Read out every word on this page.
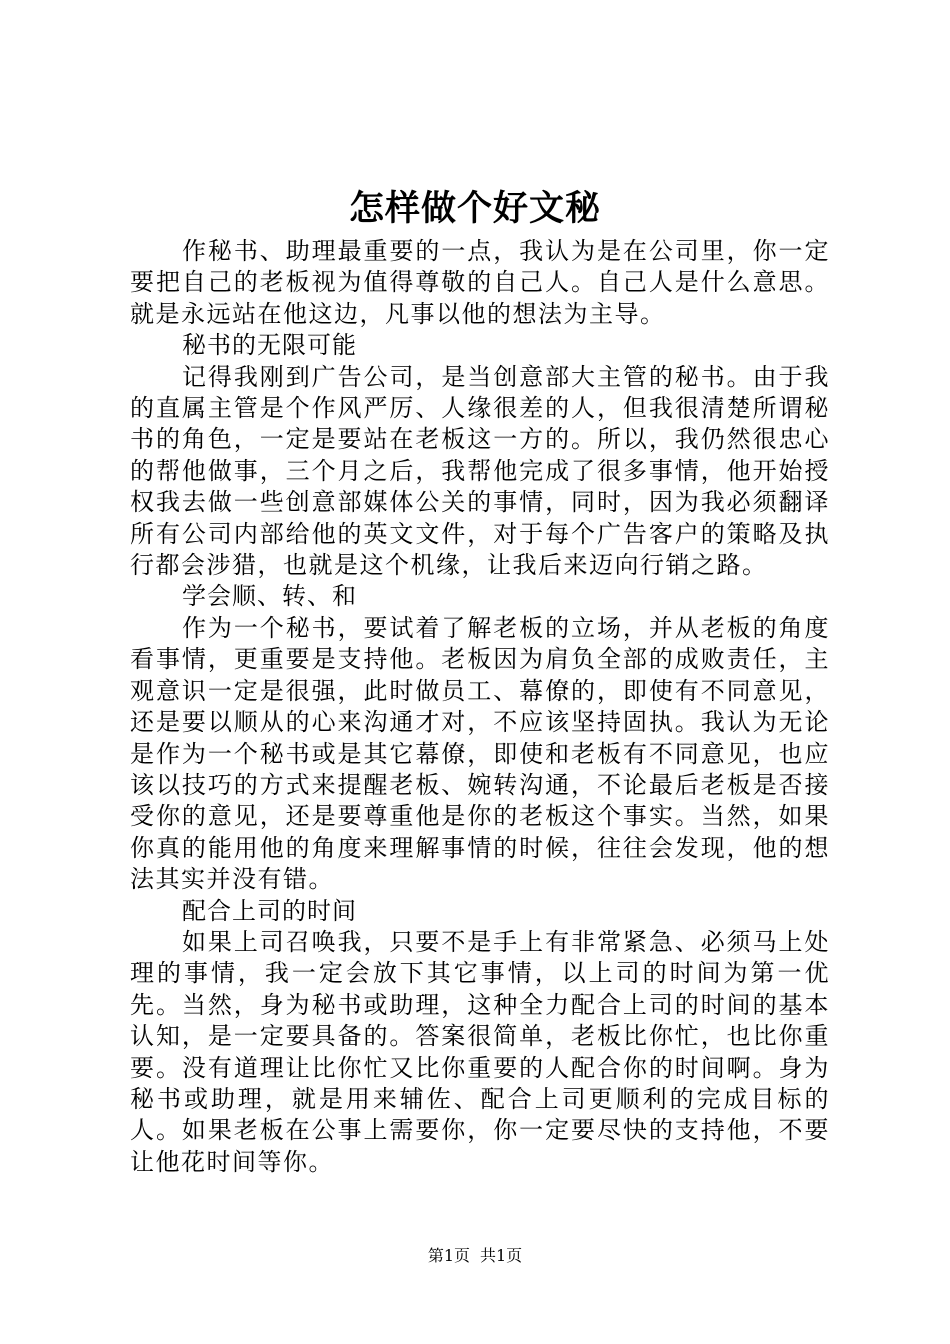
怎样做个好文秘

作秘书、助理最重要的一点，我认为是在公司里，你一定要把自己的老板视为值得尊敬的自己人。自己人是什么意思。就是永远站在他这边，凡事以他的想法为主导。

秘书的无限可能

记得我刚到广告公司，是当创意部大主管的秘书。由于我的直属主管是个作风严厉、人缘很差的人，但我很清楚所谓秘书的角色，一定是要站在老板这一方的。所以，我仍然很忠心的帮他做事，三个月之后，我帮他完成了很多事情，他开始授权我去做一些创意部媒体公关的事情，同时，因为我必须翻译所有公司内部给他的英文文件，对于每个广告客户的策略及执行都会涉猎，也就是这个机缘，让我后来迈向行销之路。

学会顺、转、和

作为一个秘书，要试着了解老板的立场，并从老板的角度看事情，更重要是支持他。老板因为肩负全部的成败责任，主观意识一定是很强，此时做员工、幕僚的，即使有不同意见，还是要以顺从的心来沟通才对，不应该坚持固执。我认为无论是作为一个秘书或是其它幕僚，即使和老板有不同意见，也应该以技巧的方式来提醒老板、婉转沟通，不论最后老板是否接受你的意见，还是要尊重他是你的老板这个事实。当然，如果你真的能用他的角度来理解事情的时候，往往会发现，他的想法其实并没有错。

配合上司的时间

如果上司召唤我，只要不是手上有非常紧急、必须马上处理的事情，我一定会放下其它事情，以上司的时间为第一优先。当然，身为秘书或助理，这种全力配合上司的时间的基本认知，是一定要具备的。答案很简单，老板比你忙，也比你重要。没有道理让比你忙又比你重要的人配合你的时间啊。身为秘书或助理，就是用来辅佐、配合上司更顺利的完成目标的人。如果老板在公事上需要你，你一定要尽快的支持他，不要让他花时间等你。

第1页 共1页
